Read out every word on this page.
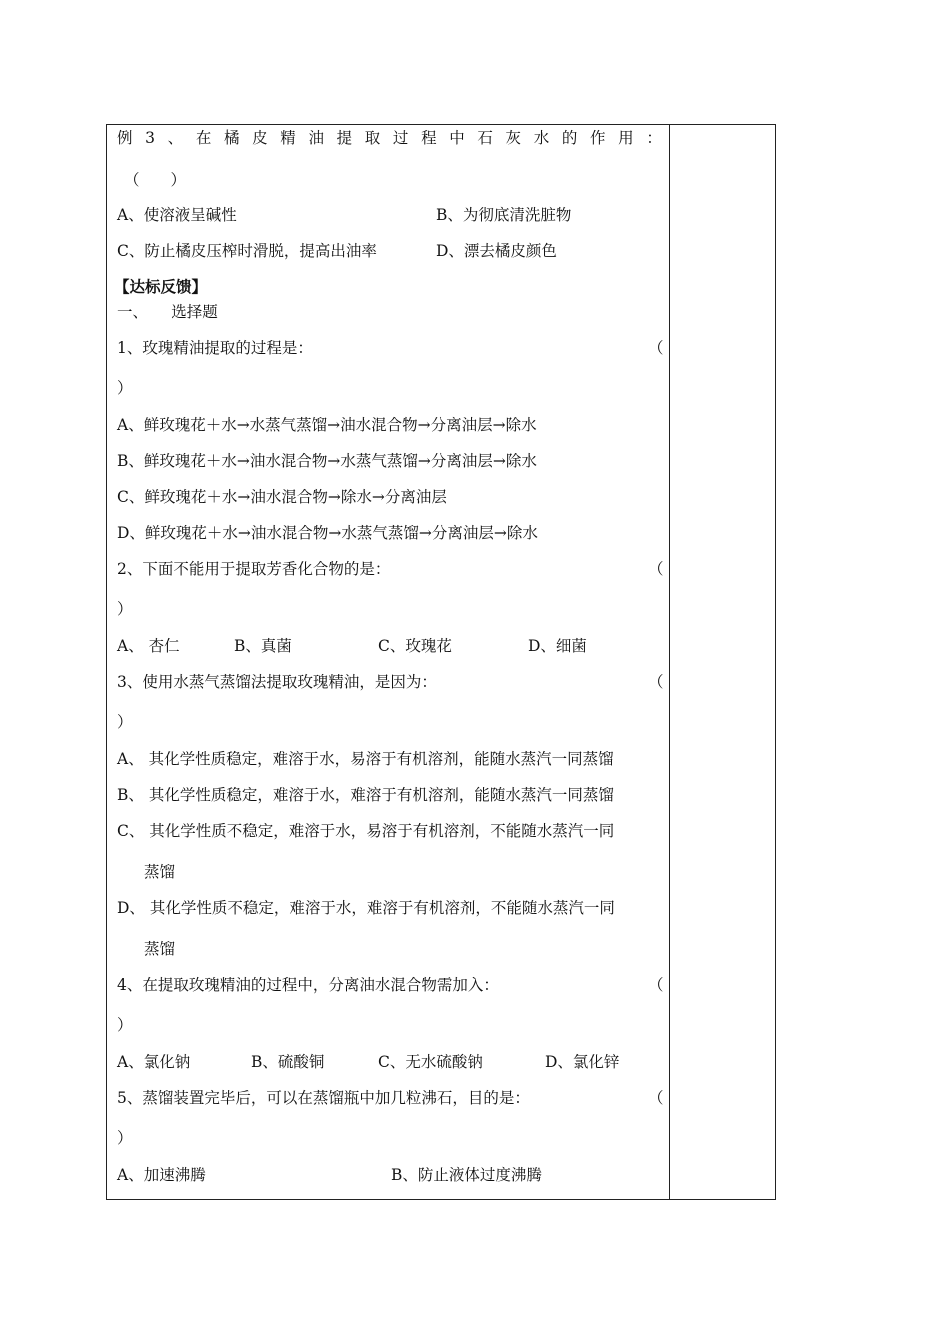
例 3 、 在 橘 皮 精 油 提 取 过 程 中 石 灰 水 的 作 用 ：
（　　）
A、使溶液呈碱性	B、为彻底清洗脏物
C、防止橘皮压榨时滑脱，提高出油率	D、漂去橘皮颜色
【达标反馈】
一、　　选择题
1、玫瑰精油提取的过程是：	（
）
A、鲜玫瑰花＋水→水蒸气蒸馏→油水混合物→分离油层→除水
B、鲜玫瑰花＋水→油水混合物→水蒸气蒸馏→分离油层→除水
C、鲜玫瑰花＋水→油水混合物→除水→分离油层
D、鲜玫瑰花＋水→油水混合物→水蒸气蒸馏→分离油层→除水
2、下面不能用于提取芳香化合物的是：	（
）
A、 杏仁	B、真菌	C、玫瑰花	D、细菌
3、使用水蒸气蒸馏法提取玫瑰精油，是因为：	（
）
A、 其化学性质稳定，难溶于水，易溶于有机溶剂，能随水蒸汽一同蒸馏
B、 其化学性质稳定，难溶于水，难溶于有机溶剂，能随水蒸汽一同蒸馏
C、 其化学性质不稳定，难溶于水，易溶于有机溶剂，不能随水蒸汽一同
蒸馏
D、 其化学性质不稳定，难溶于水，难溶于有机溶剂，不能随水蒸汽一同
蒸馏
4、在提取玫瑰精油的过程中，分离油水混合物需加入：	（
）
A、氯化钠	B、硫酸铜	C、无水硫酸钠	D、氯化锌
5、蒸馏装置完毕后，可以在蒸馏瓶中加几粒沸石，目的是：	（
）
A、加速沸腾	B、防止液体过度沸腾
